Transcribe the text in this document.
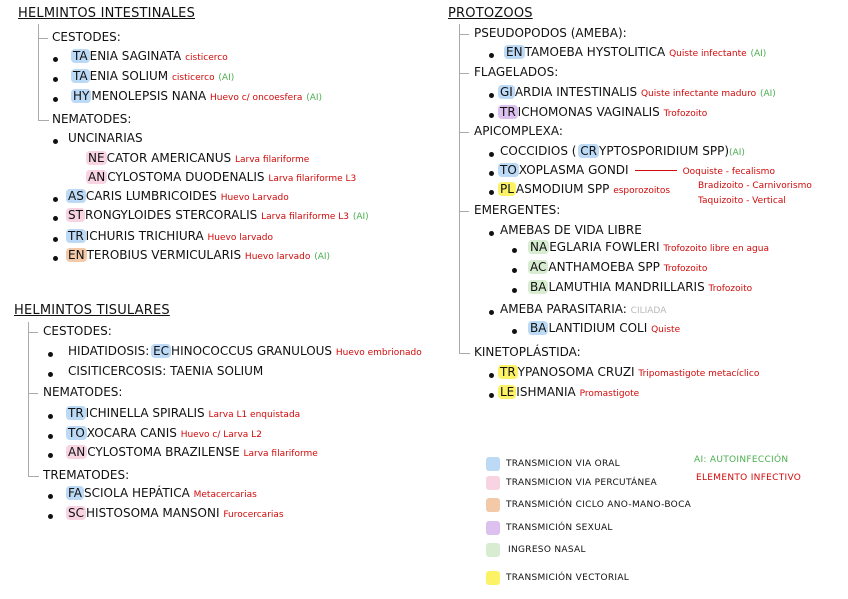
HELMINTOS INTESTINALES
CESTODES:
TA ENIA SAGINATA cisticerco
TA ENIA SOLIUM cisticerco (AI)
HY MENOLEPSIS NANA Huevo c/ oncoesfera (AI)
NEMATODES:
UNCINARIAS
NE CATOR AMERICANUS Larva filariforme
AN CYLOSTOMA DUODENALIS Larva filariforme L3
AS CARIS LUMBRICOIDES Huevo Larvado
ST RONGYLOIDES STERCORALIS Larva filariforme L3 (AI)
TR ICHURIS TRICHIURA Huevo larvado
EN TEROBIUS VERMICULARIS Huevo larvado (AI)
HELMINTOS TISULARES
CESTODES:
HIDATIDOSIS: EC HINOCOCCUS GRANULOUS Huevo embrionado
CISITICERCOSIS: TAENIA SOLIUM
NEMATODES:
TR ICHINELLA SPIRALIS Larva L1 enquistada
TO XOCARA CANIS Huevo c/ Larva L2
AN CYLOSTOMA BRAZILENSE Larva filariforme
TREMATODES:
FA SCIOLA HEPÁTICA Metacercarias
SC HISTOSOMA MANSONI Furocercarias
PROTOZOOS
PSEUDOPODOS (AMEBA):
EN TAMOEBA HYSTOLITICA Quiste infectante (AI)
FLAGELADOS:
GI ARDIA INTESTINALIS Quiste infectante maduro (AI)
TR ICHOMONAS VAGINALIS Trofozoito
APICOMPLEXA:
COCCIDIOS ( CR YPTOSPORIDIUM SPP)(AI)
TO XOPLASMA GONDI	Ooquiste - fecalismo
Bradizoito - Carnivorismo
Taquizoito - Vertical
PL ASMODIUM SPP esporozoitos
EMERGENTES:
AMEBAS DE VIDA LIBRE
NA EGLARIA FOWLERI Trofozoito libre en agua
AC ANTHAMOEBA SPP Trofozoito
BA LAMUTHIA MANDRILLARIS Trofozoito
AMEBA PARASITARIA: CILIADA
BA LANTIDIUM COLI Quiste
KINETOPLÁSTIDA:
TR YPANOSOMA CRUZI Tripomastigote metacíclico
LE ISHMANIA Promastigote
TRANSMICION VIA ORAL
TRANSMICION VIA PERCUTÁNEA
TRANSMICIÓN CICLO ANO-MANO-BOCA
TRANSMICIÓN SEXUAL
INGRESO NASAL
TRANSMICIÓN VECTORIAL
AI: AUTOINFECCIÓN
ELEMENTO INFECTIVO
